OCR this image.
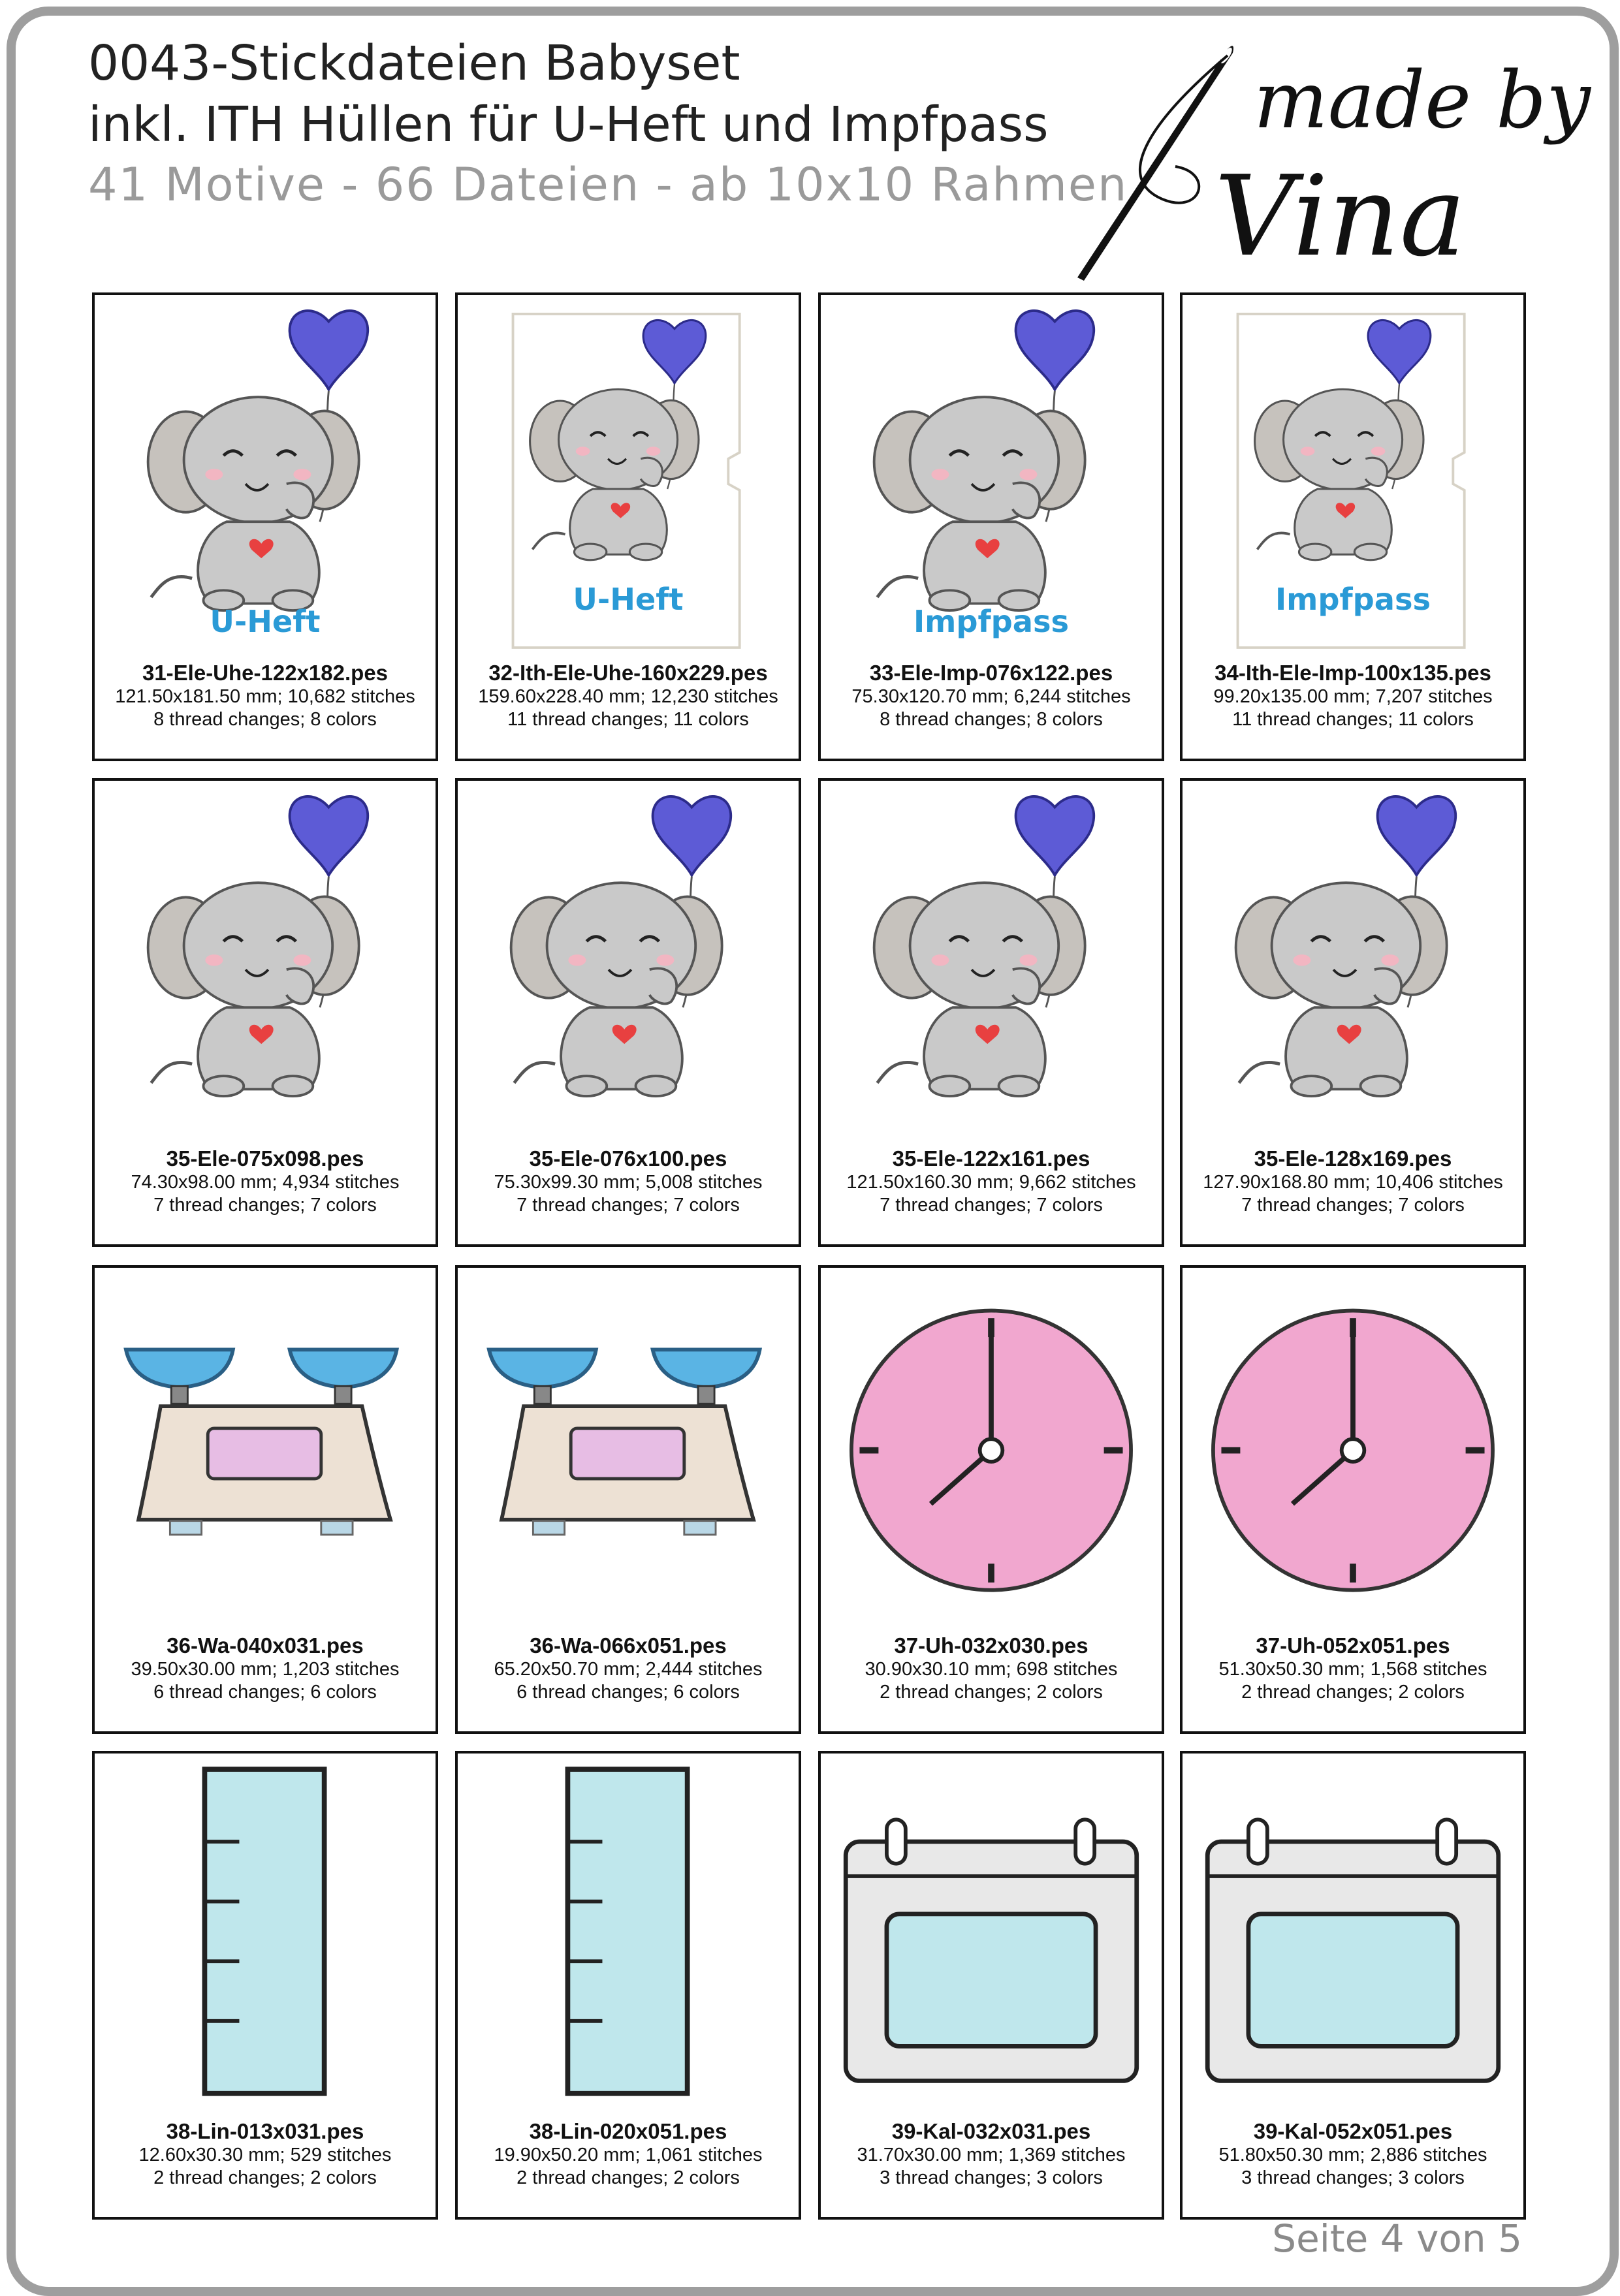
0043-Stickdateien Babyset
inkl. ITH Hüllen für U-Heft und Impfpass
41 Motive - 66 Dateien - ab 10x10 Rahmen
made by
Vina
U-Heft
31-Ele-Uhe-122x182.pes
121.50x181.50 mm; 10,682 stitches
8 thread changes; 8 colors
U-Heft
32-Ith-Ele-Uhe-160x229.pes
159.60x228.40 mm; 12,230 stitches
11 thread changes; 11 colors
Impfpass
33-Ele-Imp-076x122.pes
75.30x120.70 mm; 6,244 stitches
8 thread changes; 8 colors
Impfpass
34-Ith-Ele-Imp-100x135.pes
99.20x135.00 mm; 7,207 stitches
11 thread changes; 11 colors
35-Ele-075x098.pes
74.30x98.00 mm; 4,934 stitches
7 thread changes; 7 colors
35-Ele-076x100.pes
75.30x99.30 mm; 5,008 stitches
7 thread changes; 7 colors
35-Ele-122x161.pes
121.50x160.30 mm; 9,662 stitches
7 thread changes; 7 colors
35-Ele-128x169.pes
127.90x168.80 mm; 10,406 stitches
7 thread changes; 7 colors
36-Wa-040x031.pes
39.50x30.00 mm; 1,203 stitches
6 thread changes; 6 colors
36-Wa-066x051.pes
65.20x50.70 mm; 2,444 stitches
6 thread changes; 6 colors
37-Uh-032x030.pes
30.90x30.10 mm; 698 stitches
2 thread changes; 2 colors
37-Uh-052x051.pes
51.30x50.30 mm; 1,568 stitches
2 thread changes; 2 colors
38-Lin-013x031.pes
12.60x30.30 mm; 529 stitches
2 thread changes; 2 colors
38-Lin-020x051.pes
19.90x50.20 mm; 1,061 stitches
2 thread changes; 2 colors
39-Kal-032x031.pes
31.70x30.00 mm; 1,369 stitches
3 thread changes; 3 colors
39-Kal-052x051.pes
51.80x50.30 mm; 2,886 stitches
3 thread changes; 3 colors
Seite 4 von 5
